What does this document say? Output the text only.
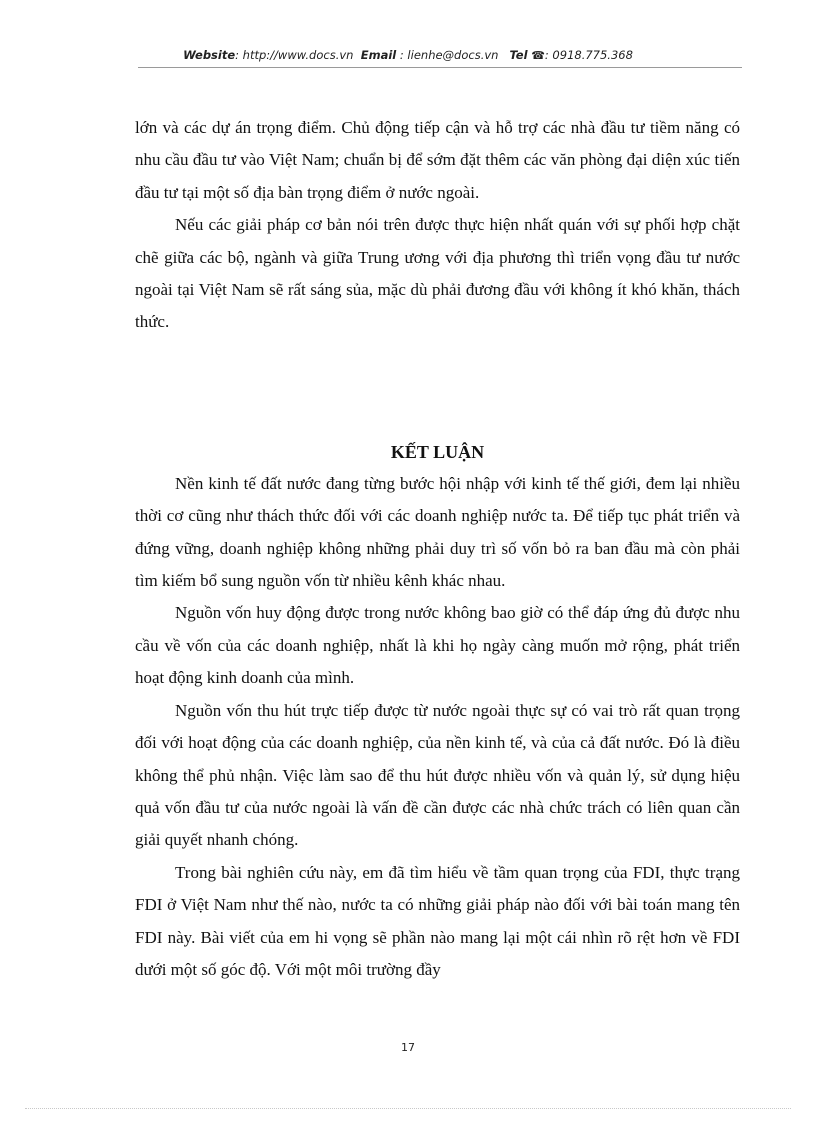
Website: http://www.docs.vn Email : lienhe@docs.vn Tel ☎: 0918.775.368

lớn và các dự án trọng điểm. Chủ động tiếp cận và hỗ trợ các nhà đầu tư tiềm năng có nhu cầu đầu tư vào Việt Nam; chuẩn bị để sớm đặt thêm các văn phòng đại diện xúc tiến đầu tư tại một số địa bàn trọng điểm ở nước ngoài.

Nếu các giải pháp cơ bản nói trên được thực hiện nhất quán với sự phối hợp chặt chẽ giữa các bộ, ngành và giữa Trung ương với địa phương thì triển vọng đầu tư nước ngoài tại Việt Nam sẽ rất sáng sủa, mặc dù phải đương đầu với không ít khó khăn, thách thức.

KẾT LUẬN

Nền kinh tế đất nước đang từng bước hội nhập với kinh tế thế giới, đem lại nhiều thời cơ cũng như thách thức đối với các doanh nghiệp nước ta. Để tiếp tục phát triển và đứng vững, doanh nghiệp không những phải duy trì số vốn bỏ ra ban đầu mà còn phải tìm kiếm bổ sung nguồn vốn từ nhiều kênh khác nhau.

Nguồn vốn huy động được trong nước không bao giờ có thể đáp ứng đủ được nhu cầu về vốn của các doanh nghiệp, nhất là khi họ ngày càng muốn mở rộng, phát triển hoạt động kinh doanh của mình.

Nguồn vốn thu hút trực tiếp được từ nước ngoài thực sự có vai trò rất quan trọng đối với hoạt động của các doanh nghiệp, của nền kinh tế, và của cả đất nước. Đó là điều không thể phủ nhận. Việc làm sao để thu hút được nhiều vốn và quản lý, sử dụng hiệu quả vốn đầu tư của nước ngoài là vấn đề cần được các nhà chức trách có liên quan cần giải quyết nhanh chóng.

Trong bài nghiên cứu này, em đã tìm hiểu về tầm quan trọng của FDI, thực trạng FDI ở Việt Nam như thế nào, nước ta có những giải pháp nào đối với bài toán mang tên FDI này. Bài viết của em hi vọng sẽ phần nào mang lại một cái nhìn rõ rệt hơn về FDI dưới một số góc độ. Với một môi trường đầy

17
